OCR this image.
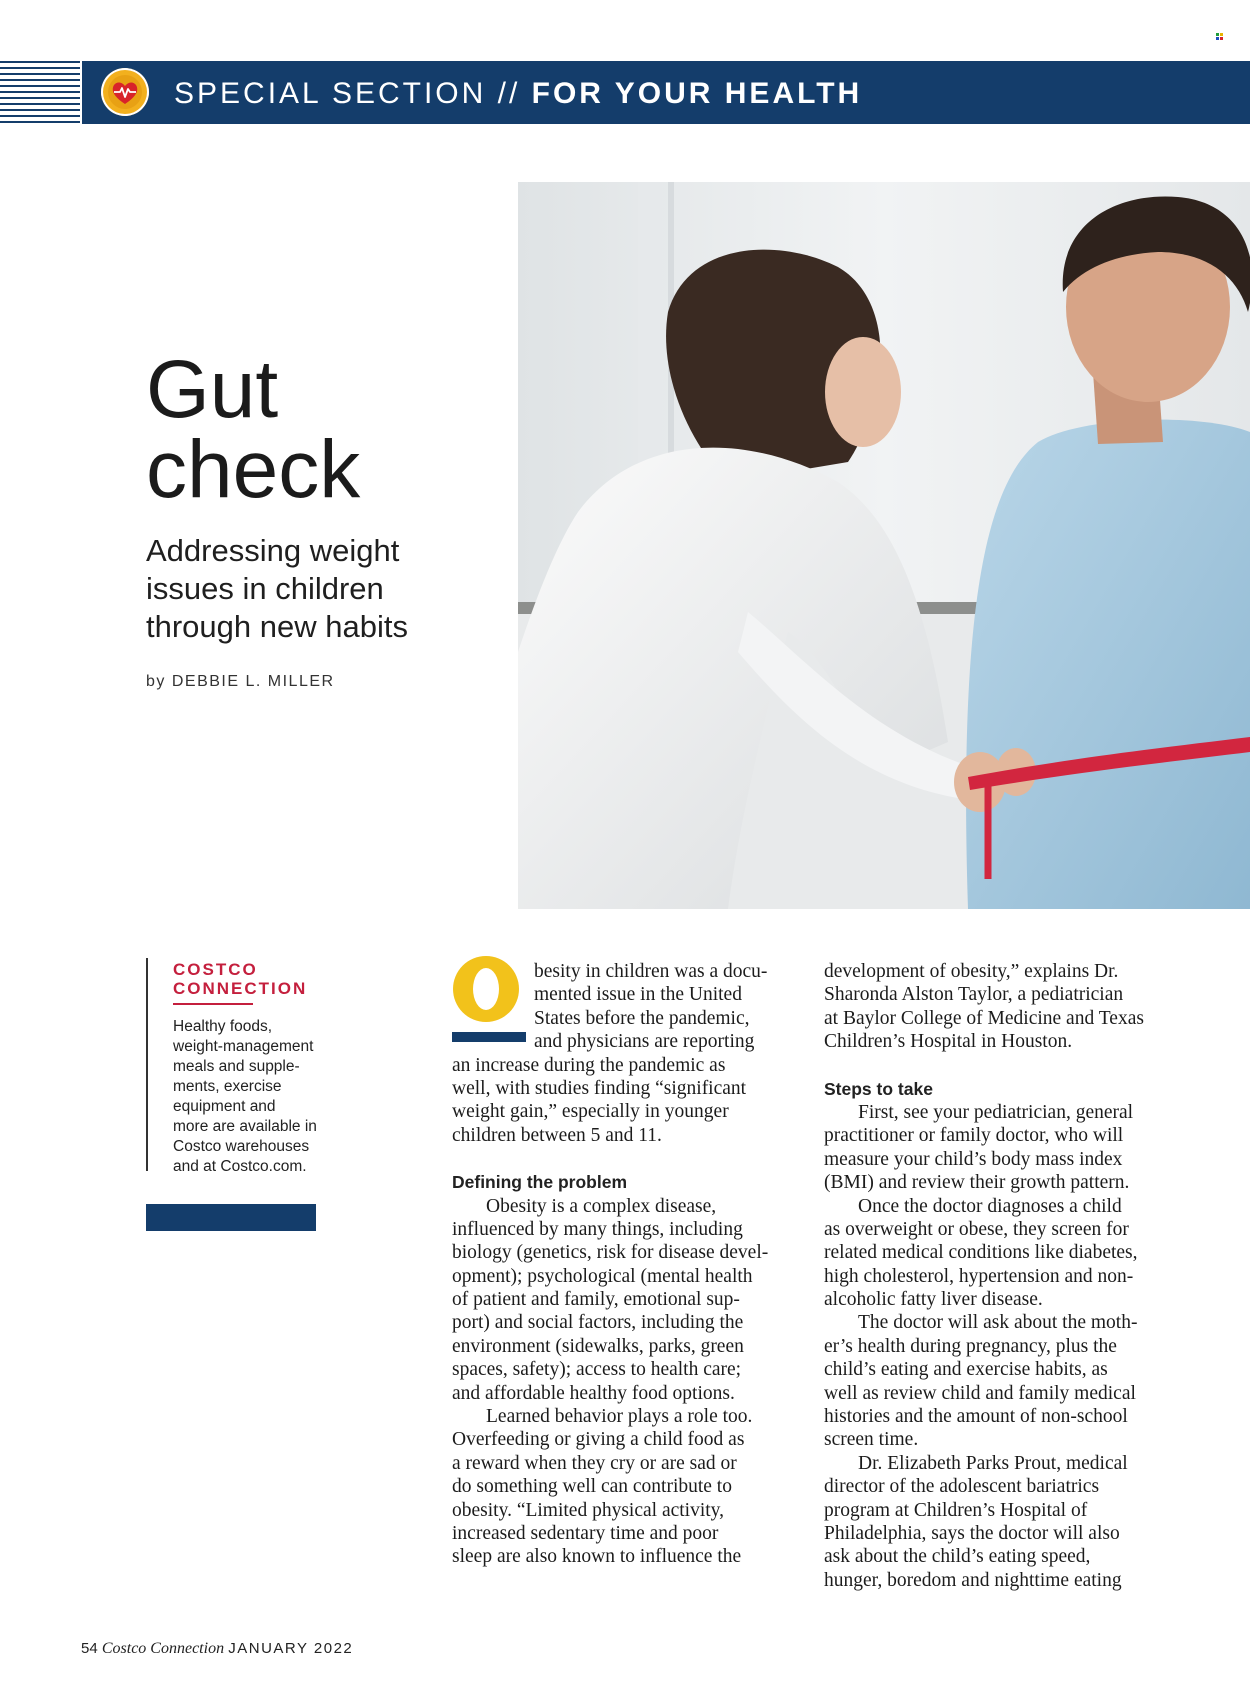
SPECIAL SECTION // FOR YOUR HEALTH
Gut
check
Addressing weight
issues in children
through new habits
by DEBBIE L. MILLER
COSTCO
CONNECTION
Healthy foods,
weight-management
meals and supple-
ments, exercise
equipment and
more are available in
Costco warehouses
and at Costco.com.
besity in children was a docu-
mented issue in the United
States before the pandemic,
and physicians are reporting
an increase during the pandemic as
well, with studies finding “significant
weight gain,” especially in younger
children between 5 and 11.
Defining the problem
Obesity is a complex disease,
influenced by many things, including
biology (genetics, risk for disease devel-
opment); psychological (mental health
of patient and family, emotional sup-
port) and social factors, including the
environment (sidewalks, parks, green
spaces, safety); access to health care;
and affordable healthy food options.
Learned behavior plays a role too.
Overfeeding or giving a child food as
a reward when they cry or are sad or
do something well can contribute to
obesity. “Limited physical activity,
increased sedentary time and poor
sleep are also known to influence the
development of obesity,” explains Dr.
Sharonda Alston Taylor, a pediatrician
at Baylor College of Medicine and Texas
Children’s Hospital in Houston.
Steps to take
First, see your pediatrician, general
practitioner or family doctor, who will
measure your child’s body mass index
(BMI) and review their growth pattern.
Once the doctor diagnoses a child
as overweight or obese, they screen for
related medical conditions like diabetes,
high cholesterol, hypertension and non-
alcoholic fatty liver disease.
The doctor will ask about the moth-
er’s health during pregnancy, plus the
child’s eating and exercise habits, as
well as review child and family medical
histories and the amount of non-school
screen time.
Dr. Elizabeth Parks Prout, medical
director of the adolescent bariatrics
program at Children’s Hospital of
Philadelphia, says the doctor will also
ask about the child’s eating speed,
hunger, boredom and nighttime eating
54 Costco Connection JANUARY 2022
